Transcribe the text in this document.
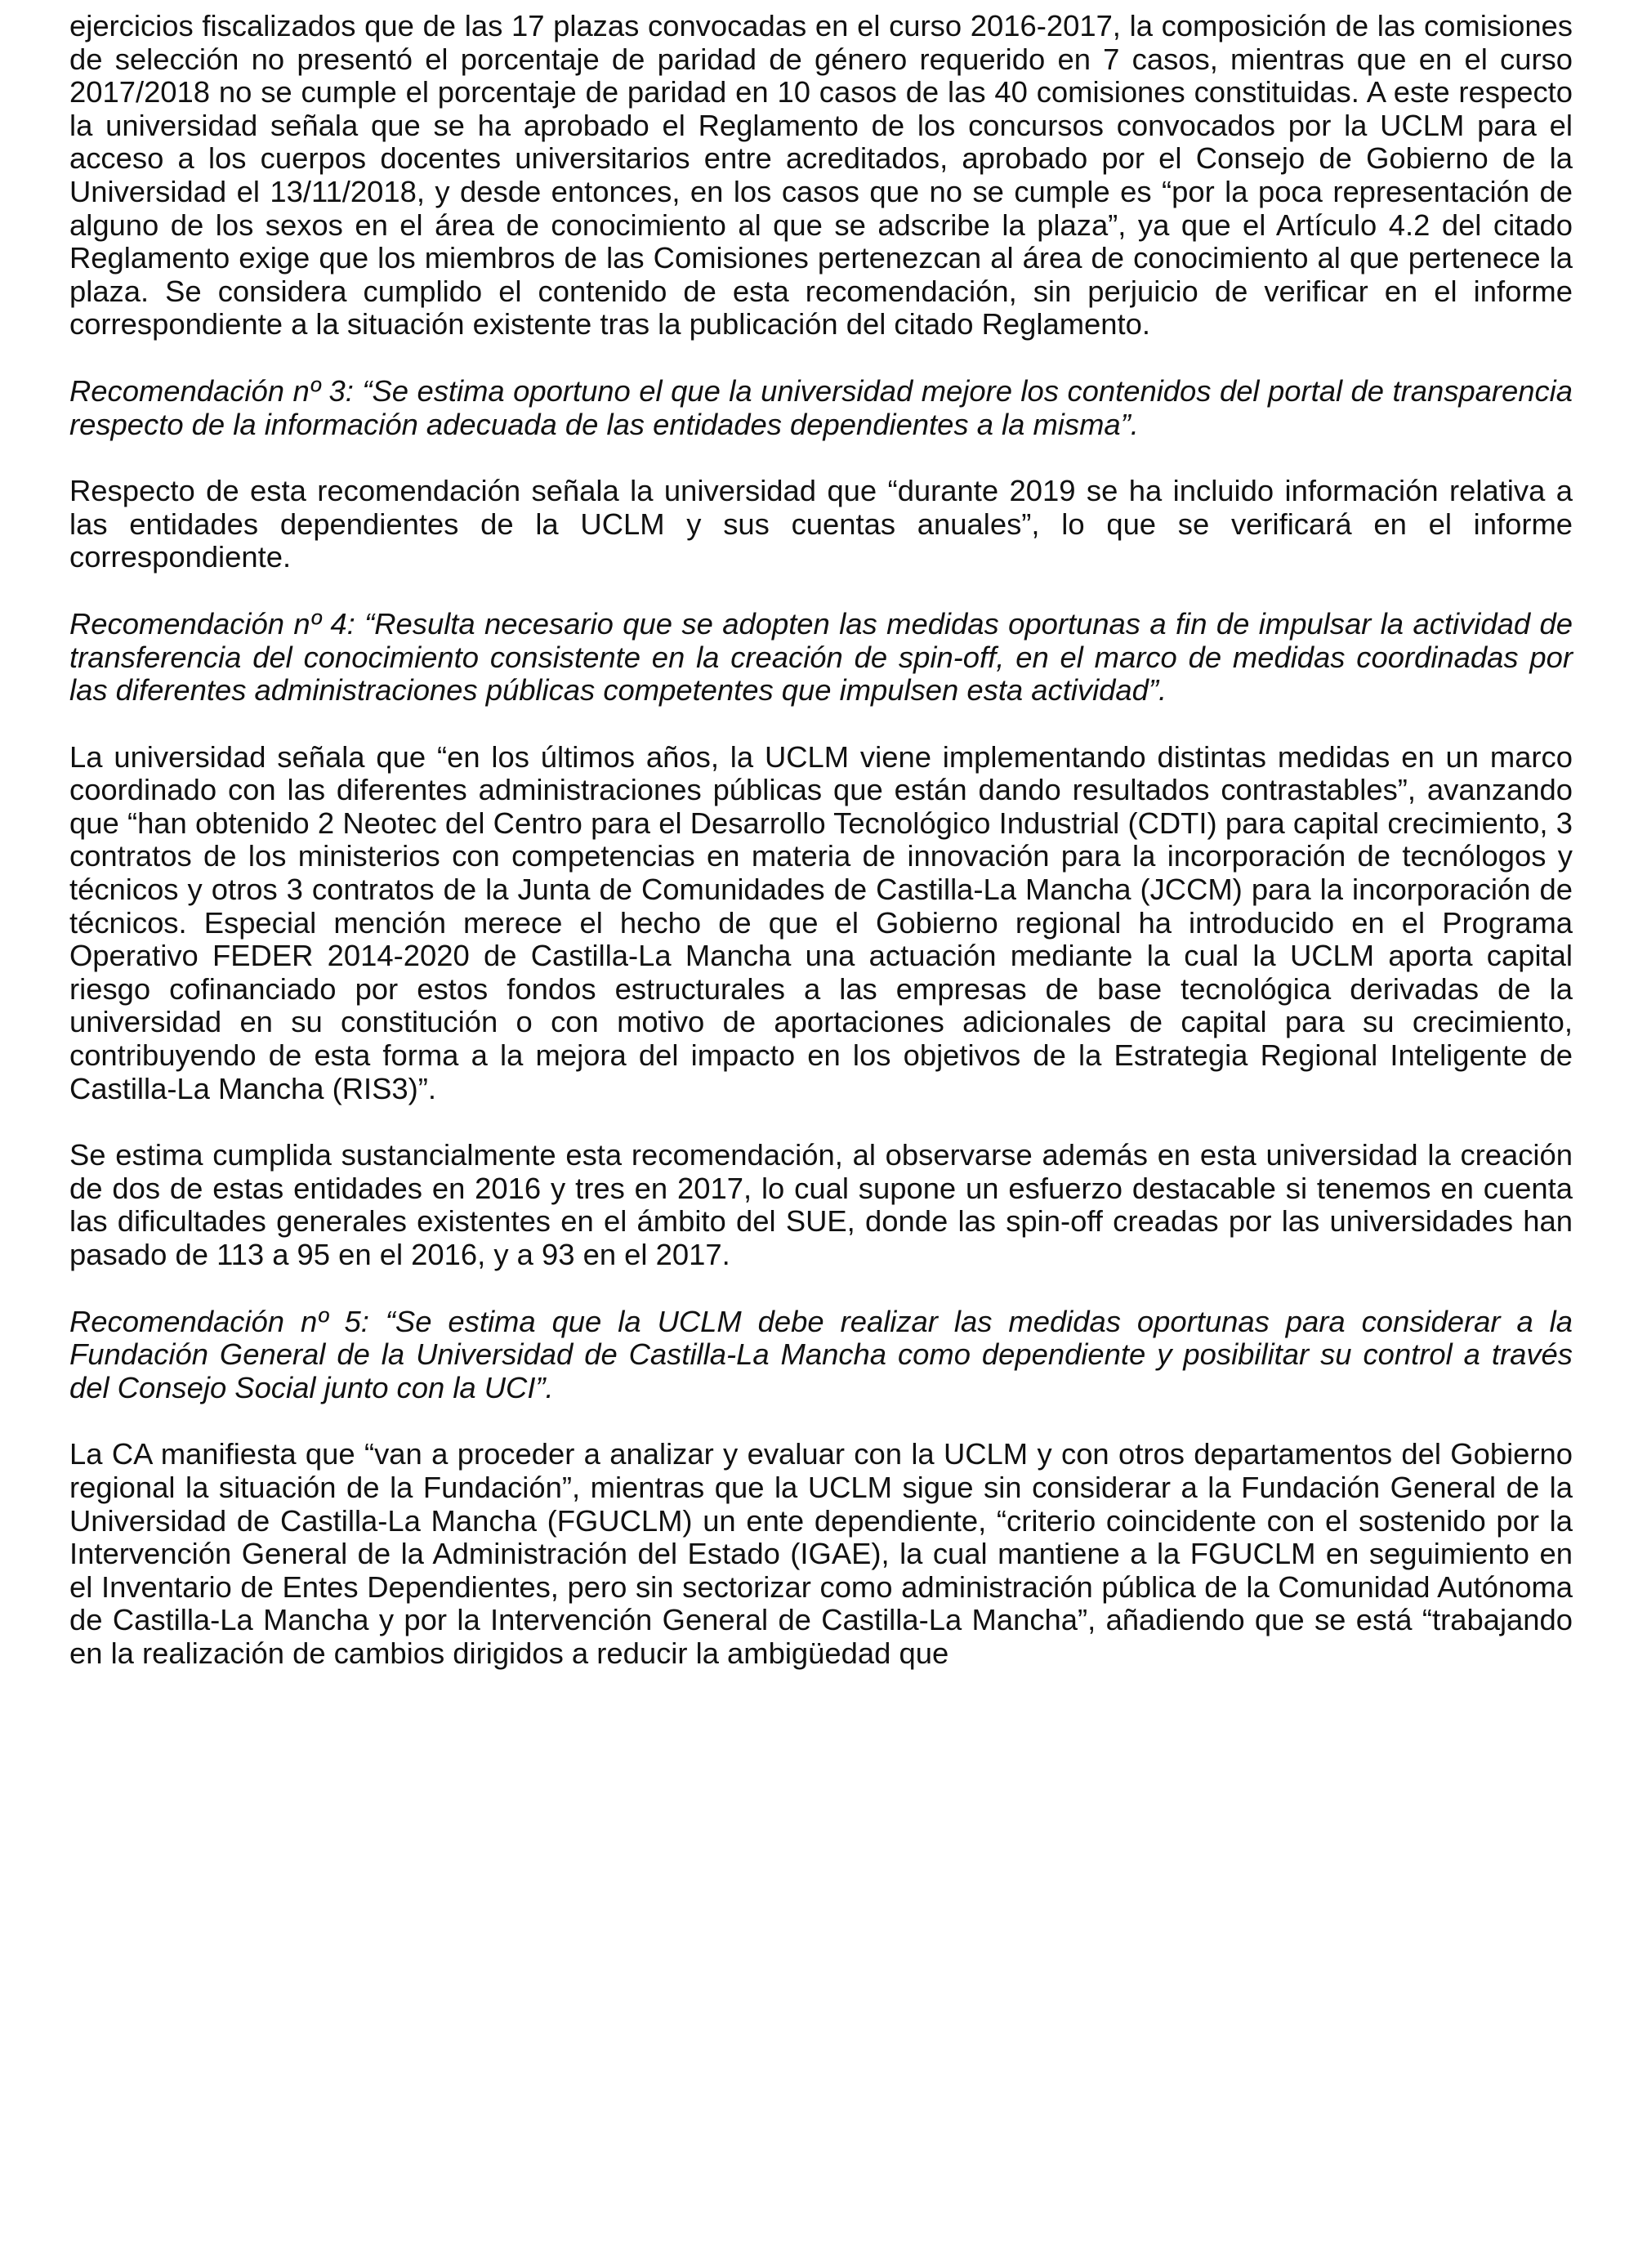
ejercicios fiscalizados que de las 17 plazas convocadas en el curso 2016-2017, la composición de las comisiones de selección no presentó el porcentaje de paridad de género requerido en 7 casos, mientras que en el curso 2017/2018 no se cumple el porcentaje de paridad en 10 casos de las 40 comisiones constituidas. A este respecto la universidad señala que se ha aprobado el Reglamento de los concursos convocados por la UCLM para el acceso a los cuerpos docentes universitarios entre acreditados, aprobado por el Consejo de Gobierno de la Universidad el 13/11/2018, y desde entonces, en los casos que no se cumple es “por la poca representación de alguno de los sexos en el área de conocimiento al que se adscribe la plaza”, ya que el Artículo 4.2 del citado Reglamento exige que los miembros de las Comisiones pertenezcan al área de conocimiento al que pertenece la plaza. Se considera cumplido el contenido de esta recomendación, sin perjuicio de verificar en el informe correspondiente a la situación existente tras la publicación del citado Reglamento.

Recomendación nº 3: “Se estima oportuno el que la universidad mejore los contenidos del portal de transparencia respecto de la información adecuada de las entidades dependientes a la misma”.

Respecto de esta recomendación señala la universidad que “durante 2019 se ha incluido información relativa a las entidades dependientes de la UCLM y sus cuentas anuales”, lo que se verificará en el informe correspondiente.

Recomendación nº 4: “Resulta necesario que se adopten las medidas oportunas a fin de impulsar la actividad de transferencia del conocimiento consistente en la creación de spin-off, en el marco de medidas coordinadas por las diferentes administraciones públicas competentes que impulsen esta actividad”.

La universidad señala que “en los últimos años, la UCLM viene implementando distintas medidas en un marco coordinado con las diferentes administraciones públicas que están dando resultados contrastables”, avanzando que “han obtenido 2 Neotec del Centro para el Desarrollo Tecnológico Industrial (CDTI) para capital crecimiento, 3 contratos de los ministerios con competencias en materia de innovación para la incorporación de tecnólogos y técnicos y otros 3 contratos de la Junta de Comunidades de Castilla-La Mancha (JCCM) para la incorporación de técnicos. Especial mención merece el hecho de que el Gobierno regional ha introducido en el Programa Operativo FEDER 2014-2020 de Castilla-La Mancha una actuación mediante la cual la UCLM aporta capital riesgo cofinanciado por estos fondos estructurales a las empresas de base tecnológica derivadas de la universidad en su constitución o con motivo de aportaciones adicionales de capital para su crecimiento, contribuyendo de esta forma a la mejora del impacto en los objetivos de la Estrategia Regional Inteligente de Castilla-La Mancha (RIS3)”.

Se estima cumplida sustancialmente esta recomendación, al observarse además en esta universidad la creación de dos de estas entidades en 2016 y tres en 2017, lo cual supone un esfuerzo destacable si tenemos en cuenta las dificultades generales existentes en el ámbito del SUE, donde las spin-off creadas por las universidades han pasado de 113 a 95 en el 2016, y a 93 en el 2017.

Recomendación nº 5: “Se estima que la UCLM debe realizar las medidas oportunas para considerar a la Fundación General de la Universidad de Castilla-La Mancha como dependiente y posibilitar su control a través del Consejo Social junto con la UCI”.

La CA manifiesta que “van a proceder a analizar y evaluar con la UCLM y con otros departamentos del Gobierno regional la situación de la Fundación”, mientras que la UCLM sigue sin considerar a la Fundación General de la Universidad de Castilla-La Mancha (FGUCLM) un ente dependiente, “criterio coincidente con el sostenido por la Intervención General de la Administración del Estado (IGAE), la cual mantiene a la FGUCLM en seguimiento en el Inventario de Entes Dependientes, pero sin sectorizar como administración pública de la Comunidad Autónoma de Castilla-La Mancha y por la Intervención General de Castilla-La Mancha”, añadiendo que se está “trabajando en la realización de cambios dirigidos a reducir la ambigüedad que
